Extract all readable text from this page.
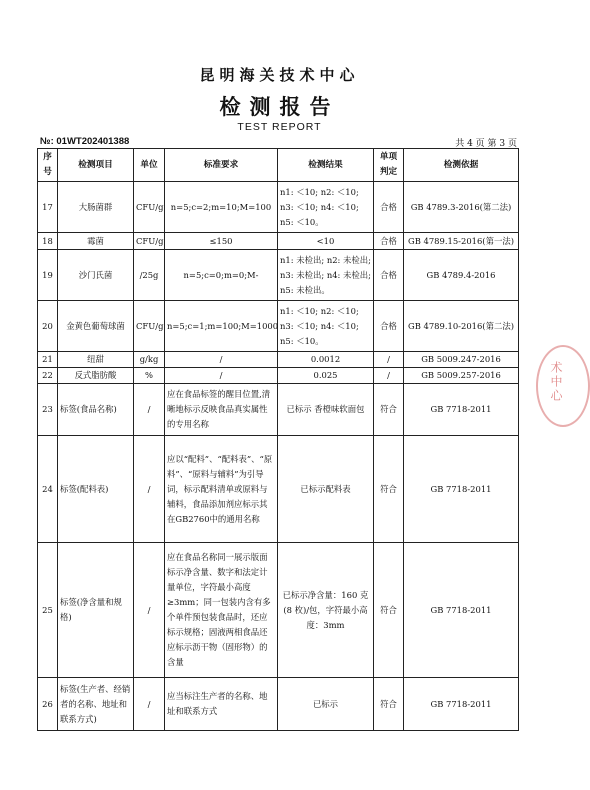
昆明海关技术中心
检测报告
TEST REPORT
№: 01WT202401388	共 4 页 第 3 页
序号	检测项目	单位	标准要求	检测结果	单项判定	检测依据
17	大肠菌群	CFU/g	n=5;c=2;m=10;M=100	n1: ＜10; n2: ＜10; n3: ＜10; n4: ＜10; n5: ＜10。	合格	GB 4789.3-2016(第二法)
18	霉菌	CFU/g	≤150	<10	合格	GB 4789.15-2016(第一法)
19	沙门氏菌	/25g	n=5;c=0;m=0;M-	n1: 未检出; n2: 未检出; n3: 未检出; n4: 未检出; n5: 未检出。	合格	GB 4789.4-2016
20	金黄色葡萄球菌	CFU/g	n=5;c=1;m=100;M=1000	n1: ＜10; n2: ＜10; n3: ＜10; n4: ＜10; n5: ＜10。	合格	GB 4789.10-2016(第二法)
21	纽甜	g/kg	/	0.0012	/	GB 5009.247-2016
22	反式脂肪酸	%	/	0.025	/	GB 5009.257-2016
23	标签(食品名称)	/	应在食品标签的醒目位置,清晰地标示反映食品真实属性的专用名称	已标示 香橙味软面包	符合	GB 7718-2011
24	标签(配料表)	/	应以“配料”、“配料表”、“原料”、“原料与辅料”为引导词，标示配料清单或原料与辅料，食品添加剂应标示其在GB2760中的通用名称	已标示配料表	符合	GB 7718-2011
25	标签(净含量和规格)	/	应在食品名称同一展示版面标示净含量、数字和法定计量单位，字符最小高度≥3mm；同一包装内含有多个单件预包装食品时，还应标示规格；固液两相食品还应标示沥干物（固形物）的含量	已标示净含量：160 克(8 枚)/包，字符最小高度：3mm	符合	GB 7718-2011
26	标签(生产者、经销者的名称、地址和联系方式)	/	应当标注生产者的名称、地址和联系方式	已标示	符合	GB 7718-2011
术中心
